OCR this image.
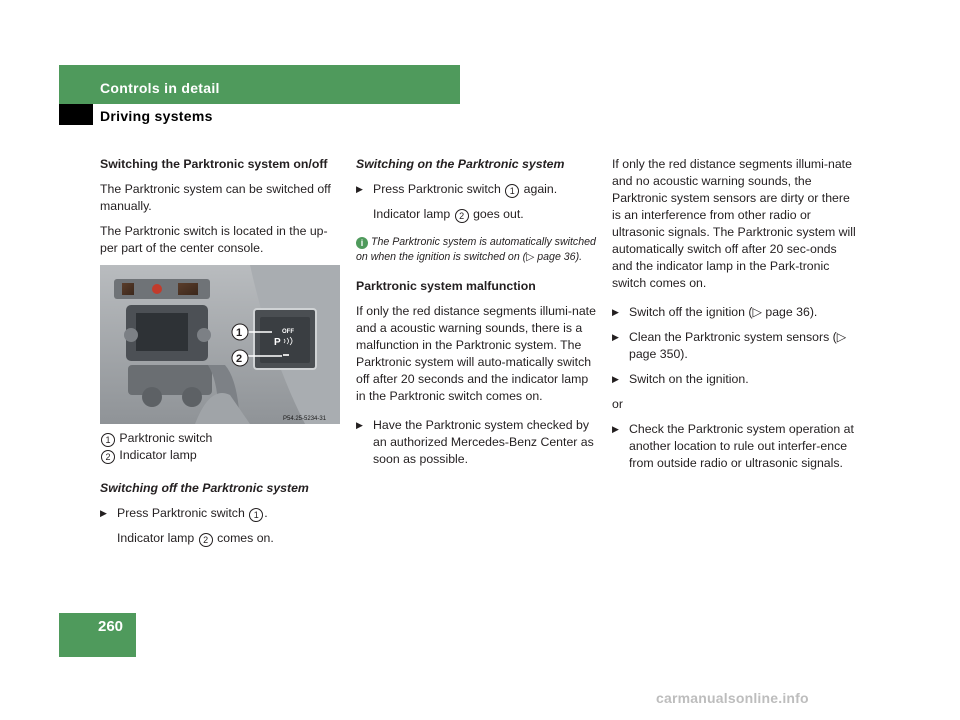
Controls in detail
Driving systems

Switching the Parktronic system on/off

The Parktronic system can be switched off manually.

The Parktronic switch is located in the up-per part of the center console.

OFF
P
1
2
P54.25-5234-31

1 Parktronic switch

2 Indicator lamp

Switching off the Parktronic system

▶ Press Parktronic switch 1 .

Indicator lamp 2 comes on.

Switching on the Parktronic system

▶ Press Parktronic switch 1 again.

Indicator lamp 2 goes out.

i The Parktronic system is automatically switched on when the ignition is switched on (▷ page 36).

Parktronic system malfunction

If only the red distance segments illumi-nate and a acoustic warning sounds, there is a malfunction in the Parktronic system. The Parktronic system will auto-matically switch off after 20 seconds and the indicator lamp in the Parktronic switch comes on.

▶ Have the Parktronic system checked by an authorized Mercedes-Benz Center as soon as possible.

If only the red distance segments illumi-nate and no acoustic warning sounds, the Parktronic system sensors are dirty or there is an interference from other radio or ultrasonic signals. The Parktronic system will automatically switch off after 20 sec-onds and the indicator lamp in the Park-tronic switch comes on.

▶ Switch off the ignition (▷ page 36).

▶ Clean the Parktronic system sensors (▷ page 350).

▶ Switch on the ignition.

or

▶ Check the Parktronic system operation at another location to rule out interfer-ence from outside radio or ultrasonic signals.

260
carmanualsonline.info
